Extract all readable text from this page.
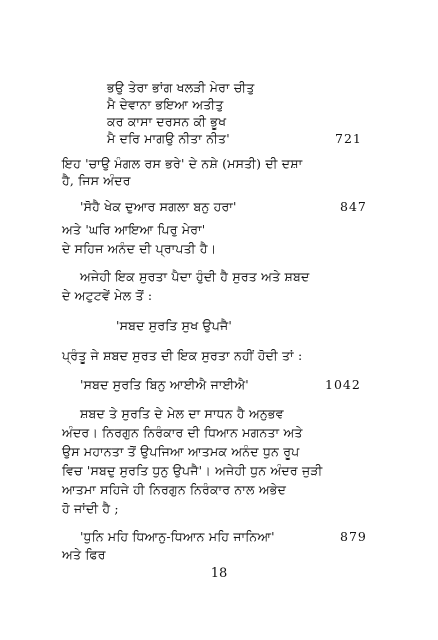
ਭਉ ਤੇਰਾ ਭਾਂਗ ਖਲੜੀ ਮੇਰਾ ਚੀਤੁ
ਮੈ ਦੇਵਾਨਾ ਭਇਆ ਅਤੀਤੁ
ਕਰ ਕਾਸਾ ਦਰਸਨ ਕੀ ਭੂਖ
ਮੈ ਦਰਿ ਮਾਗਉ ਨੀਤਾ ਨੀਤ'	721
ਇਹ 'ਚਾਉ ਮੰਗਲ ਰਸ ਭਰੇ' ਦੇ ਨਸ਼ੇ (ਮਸਤੀ) ਦੀ ਦਸ਼ਾ
ਹੈ, ਜਿਸ ਅੰਦਰ
'ਸੋਹੈ ਖੇਕ ਦੁਆਰ ਸਗਲਾ ਬਨੁ ਹਰਾ'	847
ਅਤੇ 'ਘਰਿ ਆਇਆ ਪਿਰੁ ਮੇਰਾ'
ਦੇ ਸਹਿਜ ਅਨੰਦ ਦੀ ਪ੍ਰਾਪਤੀ ਹੈ।
ਅਜੇਹੀ ਇਕ ਸੁਰਤਾ ਪੈਦਾ ਹੁੰਦੀ ਹੈ ਸੁਰਤ ਅਤੇ ਸ਼ਬਦ
ਦੇ ਅਟੁਟਵੇਂ ਮੇਲ ਤੋਂ :
'ਸਬਦ ਸੁਰਤਿ ਸੁਖ ਉਪਜੈ'
ਪ੍ਰੰਤੂ ਜੇ ਸ਼ਬਦ ਸੁਰਤ ਦੀ ਇਕ ਸੁਰਤਾ ਨਹੀਂ ਹੋਦੀ ਤਾਂ :
'ਸਬਦ ਸੁਰਤਿ ਬਿਨੁ ਆਈਐ ਜਾਈਐ'	1042
ਸ਼ਬਦ ਤੇ ਸੁਰਤਿ ਦੇ ਮੇਲ ਦਾ ਸਾਧਨ ਹੈ ਅਨੁਭਵ
ਅੰਦਰ। ਨਿਰਗੁਨ ਨਿਰੰਕਾਰ ਦੀ ਧਿਆਨ ਮਗਨਤਾ ਅਤੇ
ਉਸ ਮਹਾਨਤਾ ਤੋਂ ਉਪਜਿਆ ਆਤਮਕ ਅਨੰਦ ਧੁਨ ਰੂਪ
ਵਿਚ 'ਸਬਦੁ ਸੁਰਤਿ ਧੁਨੁ ਉਪਜੈ'। ਅਜੇਹੀ ਧੁਨ ਅੰਦਰ ਜੁੜੀ
ਆਤਮਾ ਸਹਿਜੇ ਹੀ ਨਿਰਗੁਨ ਨਿਰੰਕਾਰ ਨਾਲ ਅਭੇਦ
ਹੋ ਜਾਂਦੀ ਹੈ ;
'ਧੁਨਿ ਮਹਿ ਧਿਆਨੁ-ਧਿਆਨ ਮਹਿ ਜਾਨਿਆ'	879
ਅਤੇ ਫਿਰ
18
